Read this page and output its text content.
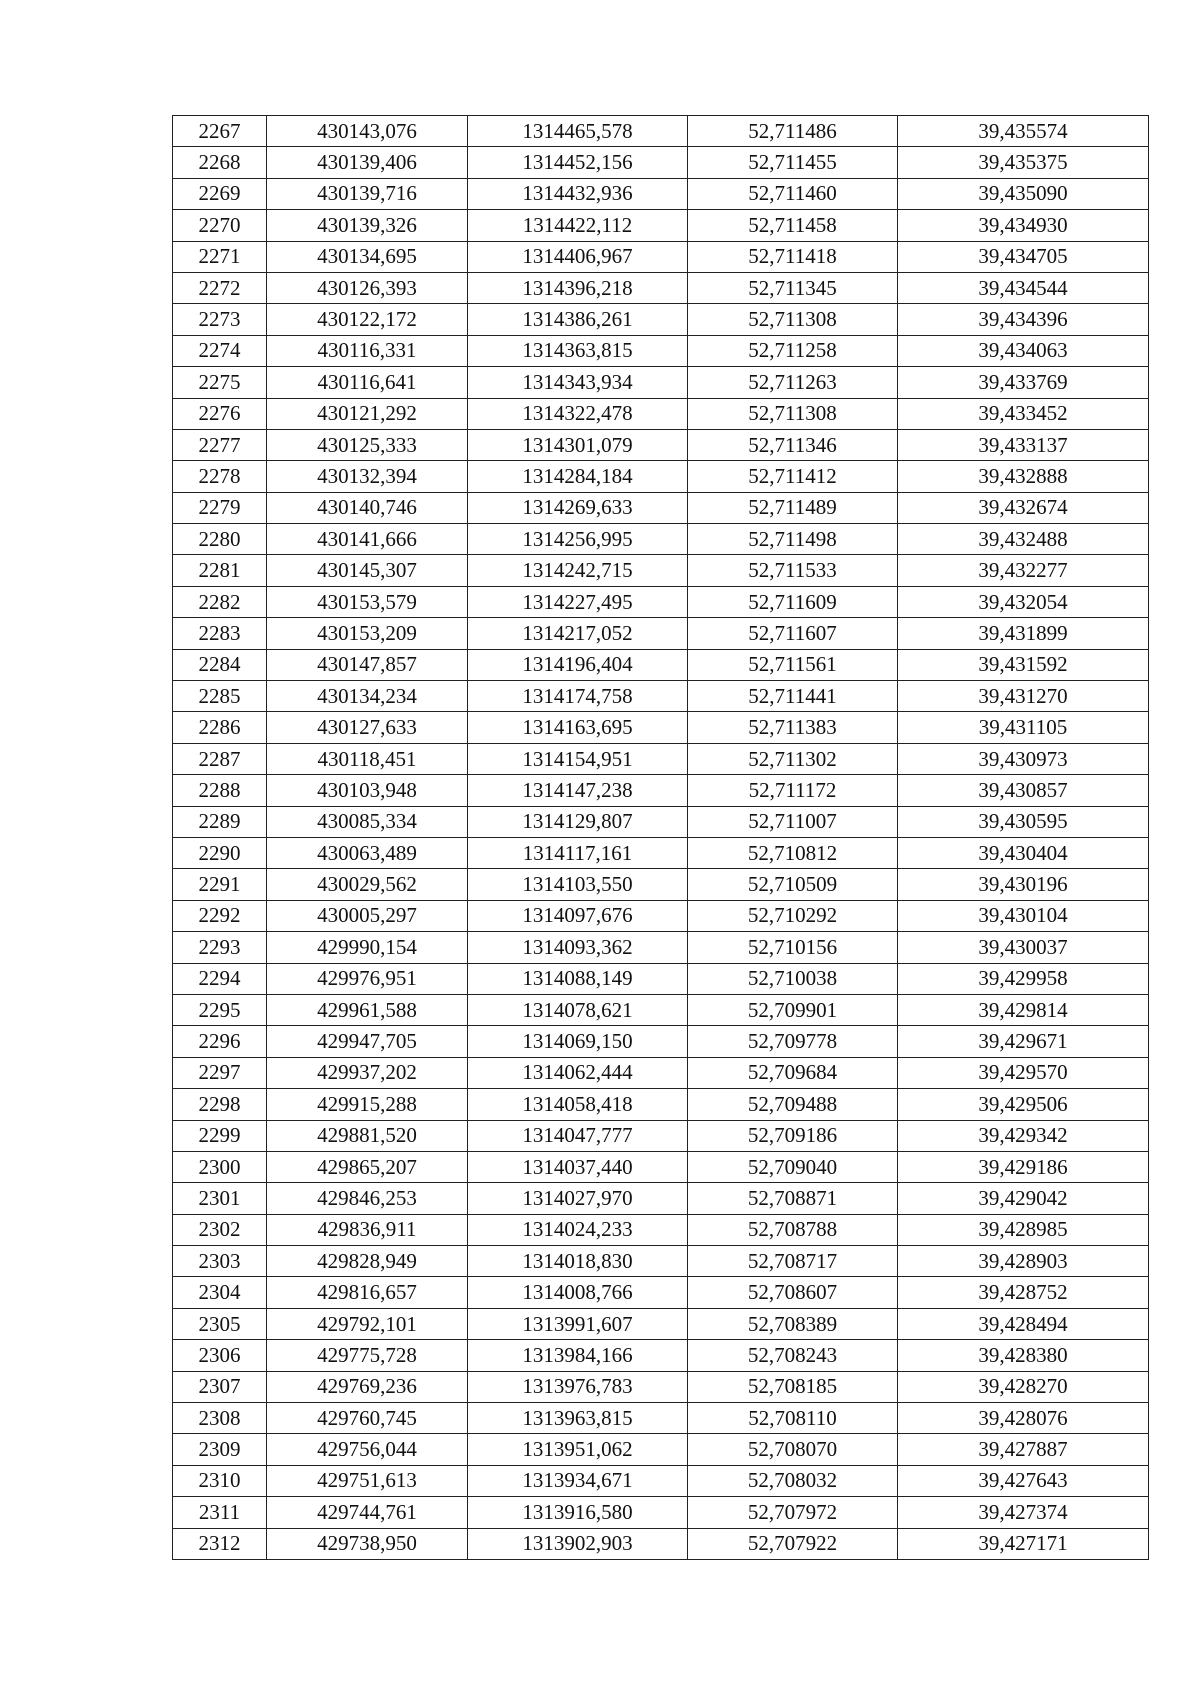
2267	430143,076	1314465,578	52,711486	39,435574
2268	430139,406	1314452,156	52,711455	39,435375
2269	430139,716	1314432,936	52,711460	39,435090
2270	430139,326	1314422,112	52,711458	39,434930
2271	430134,695	1314406,967	52,711418	39,434705
2272	430126,393	1314396,218	52,711345	39,434544
2273	430122,172	1314386,261	52,711308	39,434396
2274	430116,331	1314363,815	52,711258	39,434063
2275	430116,641	1314343,934	52,711263	39,433769
2276	430121,292	1314322,478	52,711308	39,433452
2277	430125,333	1314301,079	52,711346	39,433137
2278	430132,394	1314284,184	52,711412	39,432888
2279	430140,746	1314269,633	52,711489	39,432674
2280	430141,666	1314256,995	52,711498	39,432488
2281	430145,307	1314242,715	52,711533	39,432277
2282	430153,579	1314227,495	52,711609	39,432054
2283	430153,209	1314217,052	52,711607	39,431899
2284	430147,857	1314196,404	52,711561	39,431592
2285	430134,234	1314174,758	52,711441	39,431270
2286	430127,633	1314163,695	52,711383	39,431105
2287	430118,451	1314154,951	52,711302	39,430973
2288	430103,948	1314147,238	52,711172	39,430857
2289	430085,334	1314129,807	52,711007	39,430595
2290	430063,489	1314117,161	52,710812	39,430404
2291	430029,562	1314103,550	52,710509	39,430196
2292	430005,297	1314097,676	52,710292	39,430104
2293	429990,154	1314093,362	52,710156	39,430037
2294	429976,951	1314088,149	52,710038	39,429958
2295	429961,588	1314078,621	52,709901	39,429814
2296	429947,705	1314069,150	52,709778	39,429671
2297	429937,202	1314062,444	52,709684	39,429570
2298	429915,288	1314058,418	52,709488	39,429506
2299	429881,520	1314047,777	52,709186	39,429342
2300	429865,207	1314037,440	52,709040	39,429186
2301	429846,253	1314027,970	52,708871	39,429042
2302	429836,911	1314024,233	52,708788	39,428985
2303	429828,949	1314018,830	52,708717	39,428903
2304	429816,657	1314008,766	52,708607	39,428752
2305	429792,101	1313991,607	52,708389	39,428494
2306	429775,728	1313984,166	52,708243	39,428380
2307	429769,236	1313976,783	52,708185	39,428270
2308	429760,745	1313963,815	52,708110	39,428076
2309	429756,044	1313951,062	52,708070	39,427887
2310	429751,613	1313934,671	52,708032	39,427643
2311	429744,761	1313916,580	52,707972	39,427374
2312	429738,950	1313902,903	52,707922	39,427171
